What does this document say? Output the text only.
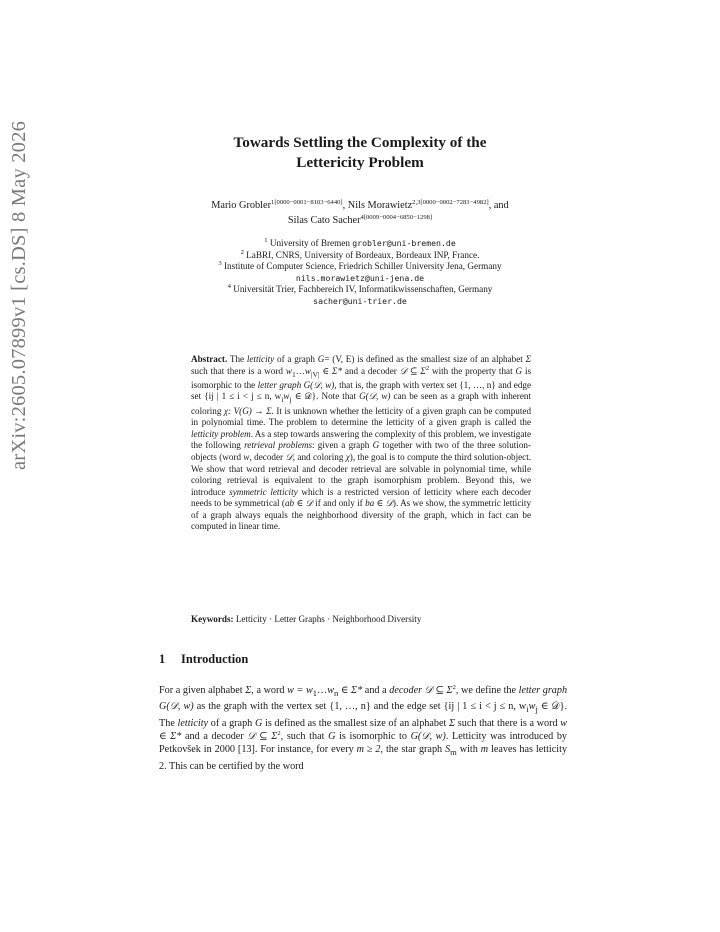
arXiv:2605.07899v1 [cs.DS] 8 May 2026	Towards Settling the Complexity of the
Lettericity Problem
Mario Grobler$^{1[0000-0001-8103-6440]}$, Nils Morawietz$^{2,3[0000-0002-7283-4982]}$, and
Silas Cato Sacher$^{4[0009-0004-6850-1298]}$
$^1$ University of Bremen grobler@uni-bremen.de
$^2$ LaBRI, CNRS, University of Bordeaux, Bordeaux INP, France.
$^3$ Institute of Computer Science, Friedrich Schiller University Jena, Germany
nils.morawietz@uni-jena.de
$^4$ Universität Trier, Fachbereich IV, Informatikwissenschaften, Germany
sacher@uni-trier.de

Abstract. The letticity of a graph G= (V, E) is defined as the smallest size of an alphabet Σ such that there is a word $w_1\dots w_{|V|}$ ∈ Σ* and a decoder 𝒟 ⊆ $\Sigma^2$ with the property that G is isomorphic to the letter graph G(𝒟, w), that is, the graph with vertex set {1, …, n} and edge set {ij | 1 ≤ i < j ≤ n, $w_iw_j$ ∈ 𝒟}. Note that G(𝒟, w) can be seen as a graph with inherent coloring χ: V(G) → Σ. It is unknown whether the letticity of a given graph can be computed in polynomial time. The problem to determine the letticity of a given graph is called the letticity problem. As a step towards answering the complexity of this problem, we investigate the following retrieval problems: given a graph G together with two of the three solution-objects (word w, decoder 𝒟, and coloring χ), the goal is to compute the third solution-object. We show that word retrieval and decoder retrieval are solvable in polynomial time, while coloring retrieval is equivalent to the graph isomorphism problem. Beyond this, we introduce symmetric letticity which is a restricted version of letticity where each decoder needs to be symmetrical (ab ∈ 𝒟 if and only if ba ∈ 𝒟). As we show, the symmetric letticity of a graph always equals the neighborhood diversity of the graph, which in fact can be computed in linear time.

Keywords: Letticity · Letter Graphs · Neighborhood Diversity

1 Introduction

For a given alphabet Σ, a word $w = w_1\dots w_n$ ∈ Σ* and a decoder 𝒟 ⊆ $\Sigma^2$, we define the letter graph G(𝒟, w) as the graph with the vertex set {1, …, n} and the edge set {ij | 1 ≤ i < j ≤ n, $w_iw_j$ ∈ 𝒟}. The letticity of a graph G is defined as the smallest size of an alphabet Σ such that there is a word w ∈ Σ* and a decoder 𝒟 ⊆ $\Sigma^2$, such that G is isomorphic to G(𝒟, w). Letticity was introduced by Petkovšek in 2000 [13]. For instance, for every m ≥ 2, the star graph $S_m$ with m leaves has letticity 2. This can be certified by the word
